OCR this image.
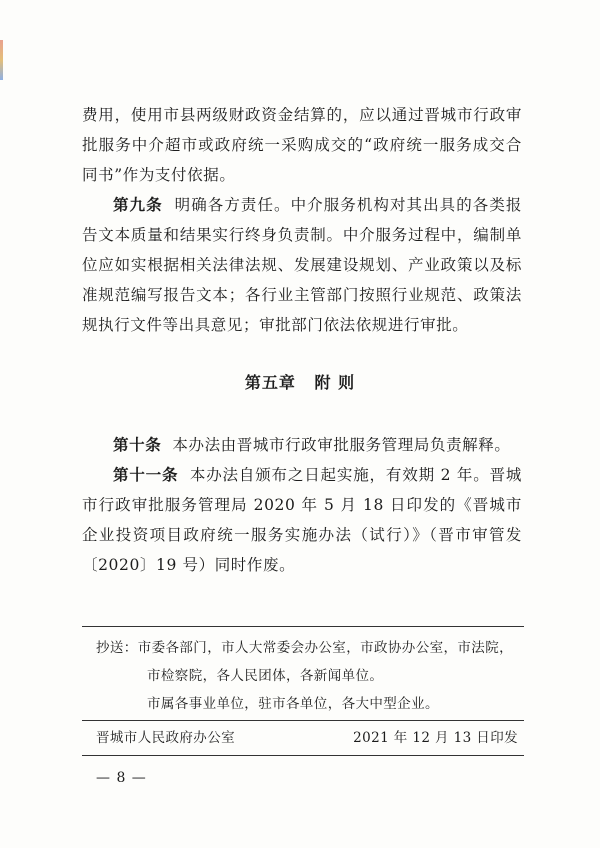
费用，使用市县两级财政资金结算的，应以通过晋城市行政审批服务中介超市或政府统一采购成交的“政府统一服务成交合同书”作为支付依据。
第九条 明确各方责任。中介服务机构对其出具的各类报告文本质量和结果实行终身负责制。中介服务过程中，编制单位应如实根据相关法律法规、发展建设规划、产业政策以及标准规范编写报告文本；各行业主管部门按照行业规范、政策法规执行文件等出具意见；审批部门依法依规进行审批。
第五章 附 则
第十条 本办法由晋城市行政审批服务管理局负责解释。
第十一条 本办法自颁布之日起实施，有效期 2 年。晋城市行政审批服务管理局 2020 年 5 月 18 日印发的《晋城市企业投资项目政府统一服务实施办法（试行）》（晋市审管发〔2020〕19 号）同时作废。
抄送：市委各部门，市人大常委会办公室，市政协办公室，市法院，
市检察院，各人民团体，各新闻单位。
市属各事业单位，驻市各单位，各大中型企业。
晋城市人民政府办公室	2021 年 12 月 13 日印发
— 8 —
